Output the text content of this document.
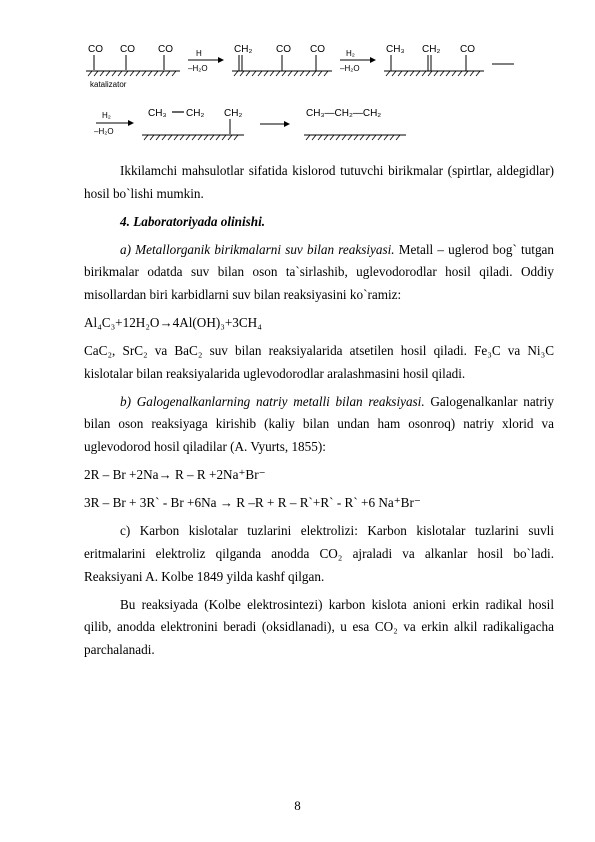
CO CO CO
katalizator
H
–H₂O
CH₂ CO CO	H₂
–H₂O
CH₃ CH₂ CO
H₂
–H₂O
CH₃ CH₂ CH₂	CH₃—CH₂—CH₂

Ikkilamchi mahsulotlar sifatida kislorod tutuvchi birikmalar (spirtlar, aldegidlar) hosil bo`lishi mumkin.

4. Laboratoriyada olinishi.

a) Metallorganik birikmalarni suv bilan reaksiyasi. Metall – uglerod bog` tutgan birikmalar odatda suv bilan oson ta`sirlashib, uglevodorodlar hosil qiladi. Oddiy misollardan biri karbidlarni suv bilan reaksiyasini ko`ramiz:

Al₄C₃+12H₂O→4Al(OH)₃+3CH₄

CaC₂, SrC₂ va BaC₂ suv bilan reaksiyalarida atsetilen hosil qiladi. Fe₃C va Ni₃C kislotalar bilan reaksiyalarida uglevodorodlar aralashmasini hosil qiladi.

b) Galogenalkanlarning natriy metalli bilan reaksiyasi. Galogenalkanlar natriy bilan oson reaksiyaga kirishib (kaliy bilan undan ham osonroq) natriy xlorid va uglevodorod hosil qiladilar (A. Vyurts, 1855):

2R – Br +2Na→ R – R +2Na⁺Br⁻

3R – Br + 3R` - Br +6Na → R –R + R – R`+R` - R` +6 Na⁺Br⁻

c) Karbon kislotalar tuzlarini elektrolizi: Karbon kislotalar tuzlarini suvli eritmalarini elektroliz qilganda anodda CO₂ ajraladi va alkanlar hosil bo`ladi. Reaksiyani A. Kolbe 1849 yilda kashf qilgan.

Bu reaksiyada (Kolbe elektrosintezi) karbon kislota anioni erkin radikal hosil qilib, anodda elektronini beradi (oksidlanadi), u esa CO₂ va erkin alkil radikaligacha parchalanadi.

8
